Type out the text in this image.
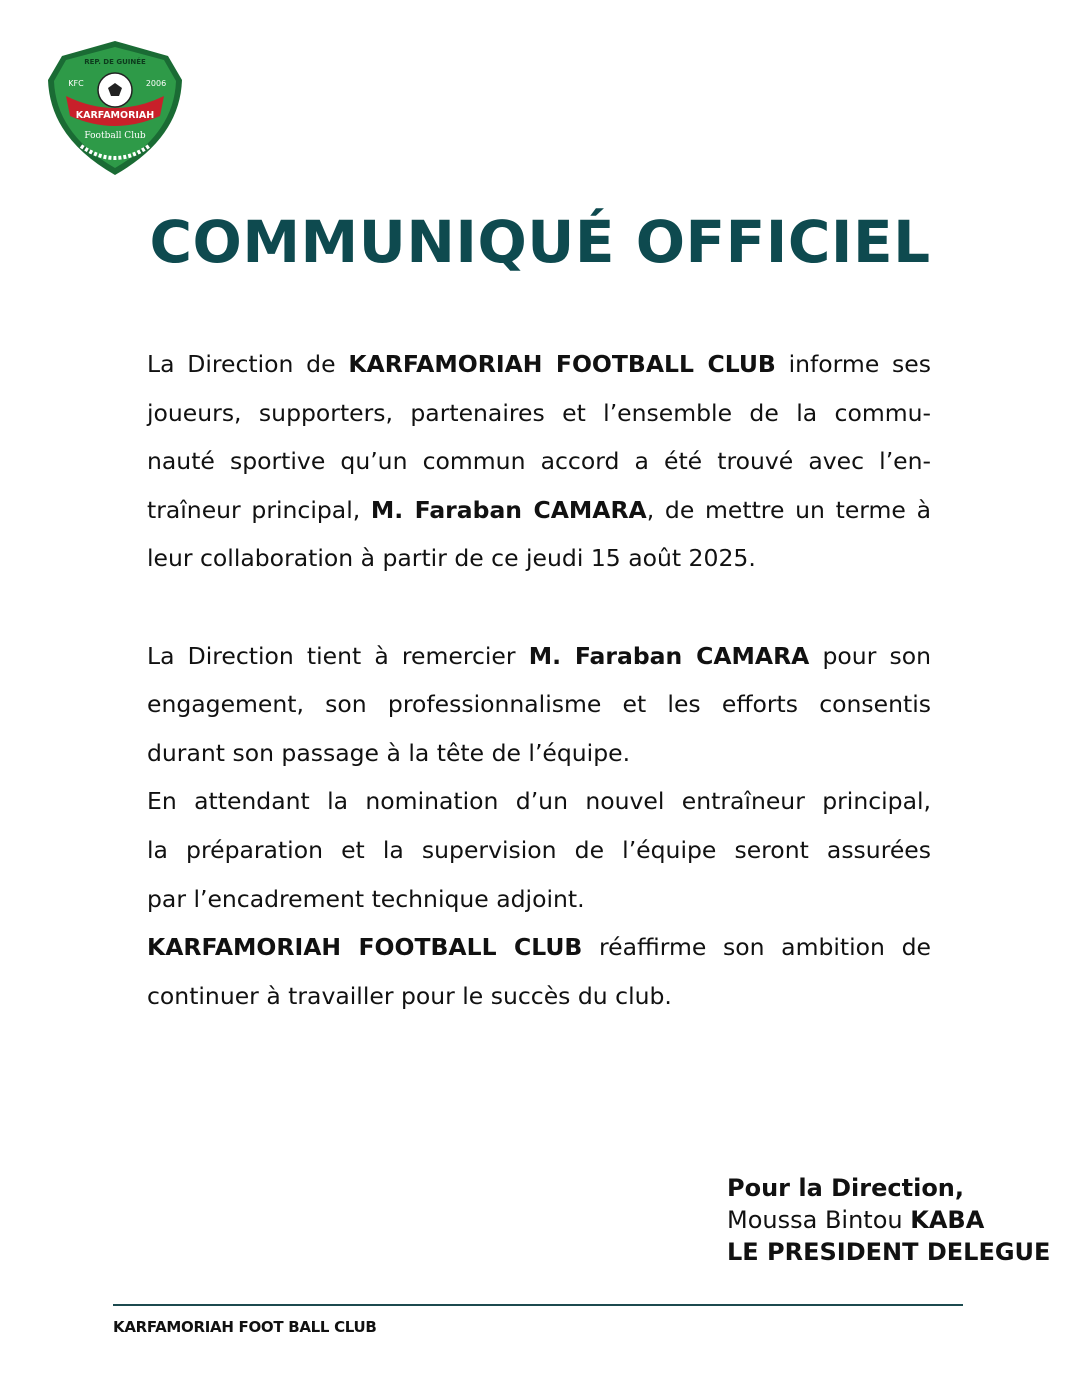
REP. DE GUINÉE
KFC	2006
KARFAMORIAH
Football Club
COMMUNIQUÉ OFFICIEL
La Direction de KARFAMORIAH FOOTBALL CLUB informe ses
joueurs, supporters, partenaires et l’ensemble de la commu-
nauté sportive qu’un commun accord a été trouvé avec l’en-
traîneur principal, M. Faraban CAMARA, de mettre un terme à
leur collaboration à partir de ce jeudi 15 août 2025.
La Direction tient à remercier M. Faraban CAMARA pour son
engagement, son professionnalisme et les efforts consentis
durant son passage à la tête de l’équipe.
En attendant la nomination d’un nouvel entraîneur principal,
la préparation et la supervision de l’équipe seront assurées
par l’encadrement technique adjoint.
KARFAMORIAH FOOTBALL CLUB réaffirme son ambition de
continuer à travailler pour le succès du club.
Pour la Direction,
Moussa Bintou KABA
LE PRESIDENT DELEGUE
KARFAMORIAH FOOT BALL CLUB
